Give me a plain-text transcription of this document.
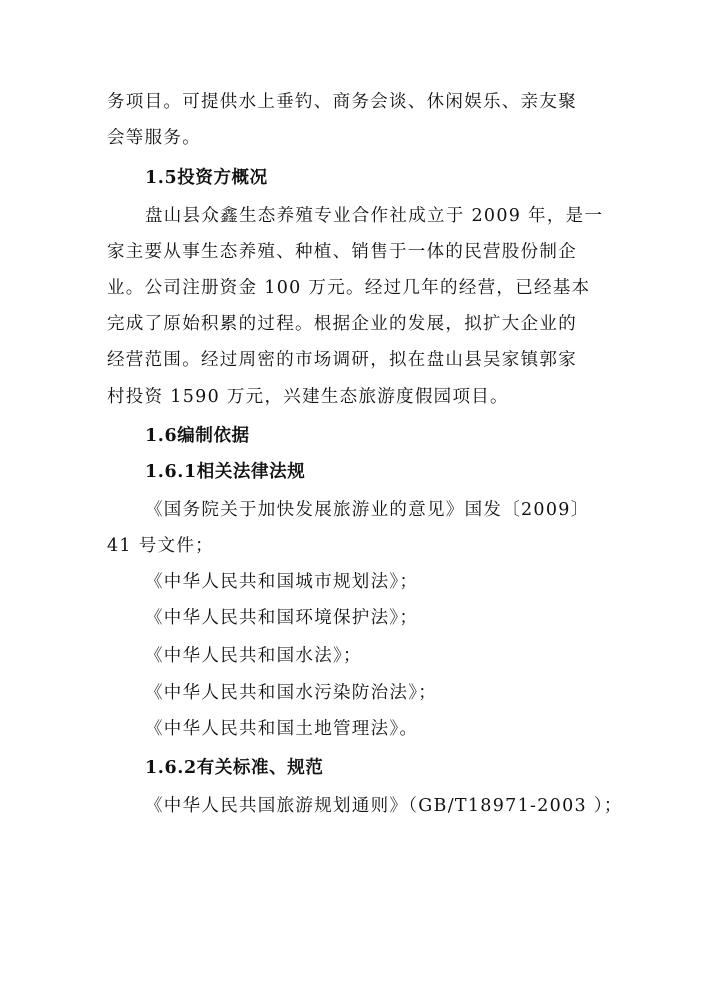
务项目。可提供水上垂钓、商务会谈、休闲娱乐、亲友聚
会等服务。
1.5投资方概况
盘山县众鑫生态养殖专业合作社成立于 2009 年，是一
家主要从事生态养殖、种植、销售于一体的民营股份制企
业。公司注册资金 100 万元。经过几年的经营，已经基本
完成了原始积累的过程。根据企业的发展，拟扩大企业的
经营范围。经过周密的市场调研，拟在盘山县吴家镇郭家
村投资 1590 万元，兴建生态旅游度假园项目。
1.6编制依据
1.6.1相关法律法规
《国务院关于加快发展旅游业的意见》国发〔2009〕
41 号文件；
《中华人民共和国城市规划法》；
《中华人民共和国环境保护法》；
《中华人民共和国水法》；
《中华人民共和国水污染防治法》；
《中华人民共和国土地管理法》。
1.6.2有关标准、规范
《中华人民共国旅游规划通则》（GB/T18971-2003 ）；
